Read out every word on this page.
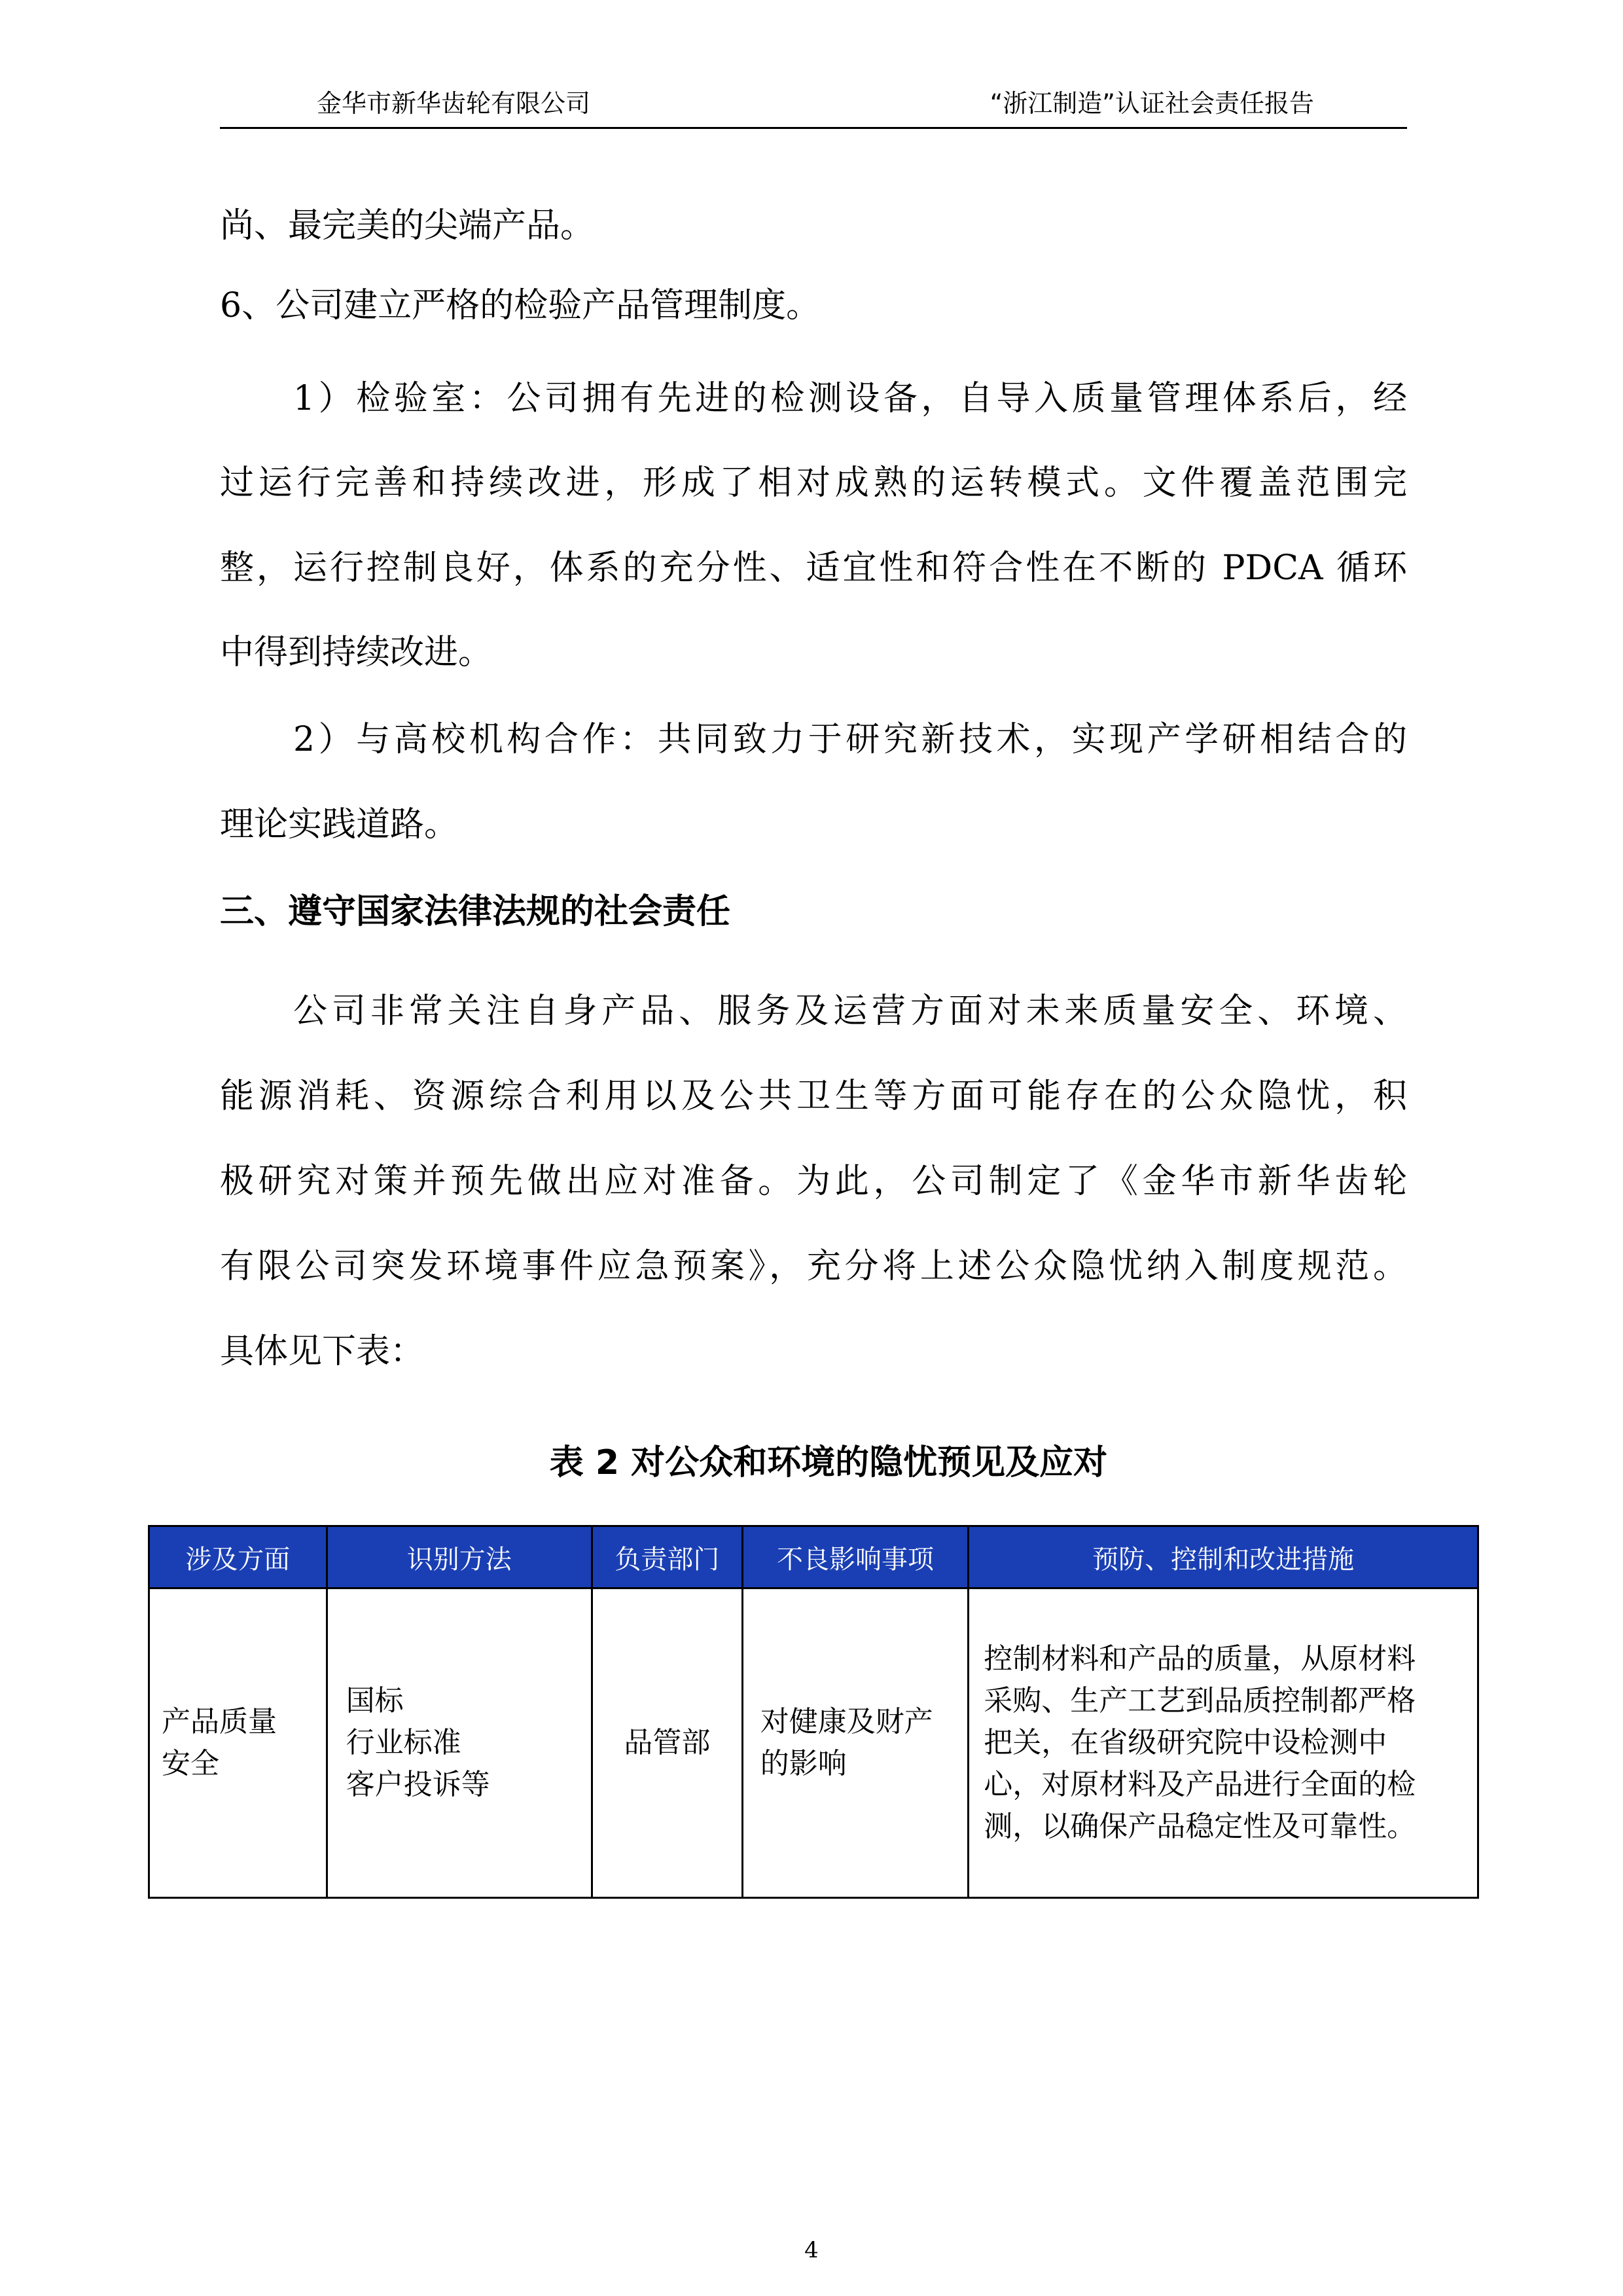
金华市新华齿轮有限公司	“浙江制造”认证社会责任报告
尚、最完美的尖端产品。
6、公司建立严格的检验产品管理制度。
1）检验室：公司拥有先进的检测设备，自导入质量管理体系后，经
过运行完善和持续改进，形成了相对成熟的运转模式。文件覆盖范围完
整，运行控制良好，体系的充分性、适宜性和符合性在不断的 PDCA 循环
中得到持续改进。
2）与高校机构合作：共同致力于研究新技术，实现产学研相结合的
理论实践道路。
三、遵守国家法律法规的社会责任
公司非常关注自身产品、服务及运营方面对未来质量安全、环境、
能源消耗、资源综合利用以及公共卫生等方面可能存在的公众隐忧，积
极研究对策并预先做出应对准备。为此，公司制定了《金华市新华齿轮
有限公司突发环境事件应急预案》，充分将上述公众隐忧纳入制度规范。
具体见下表：
表 2 对公众和环境的隐忧预见及应对
涉及方面	识别方法	负责部门	不良影响事项	预防、控制和改进措施

产品质量
安全	国标
行业标准
客户投诉等	品管部	对健康及财产
的影响	控制材料和产品的质量，从原材料
采购、生产工艺到品质控制都严格
把关，在省级研究院中设检测中
心，对原材料及产品进行全面的检
测，以确保产品稳定性及可靠性。
4
